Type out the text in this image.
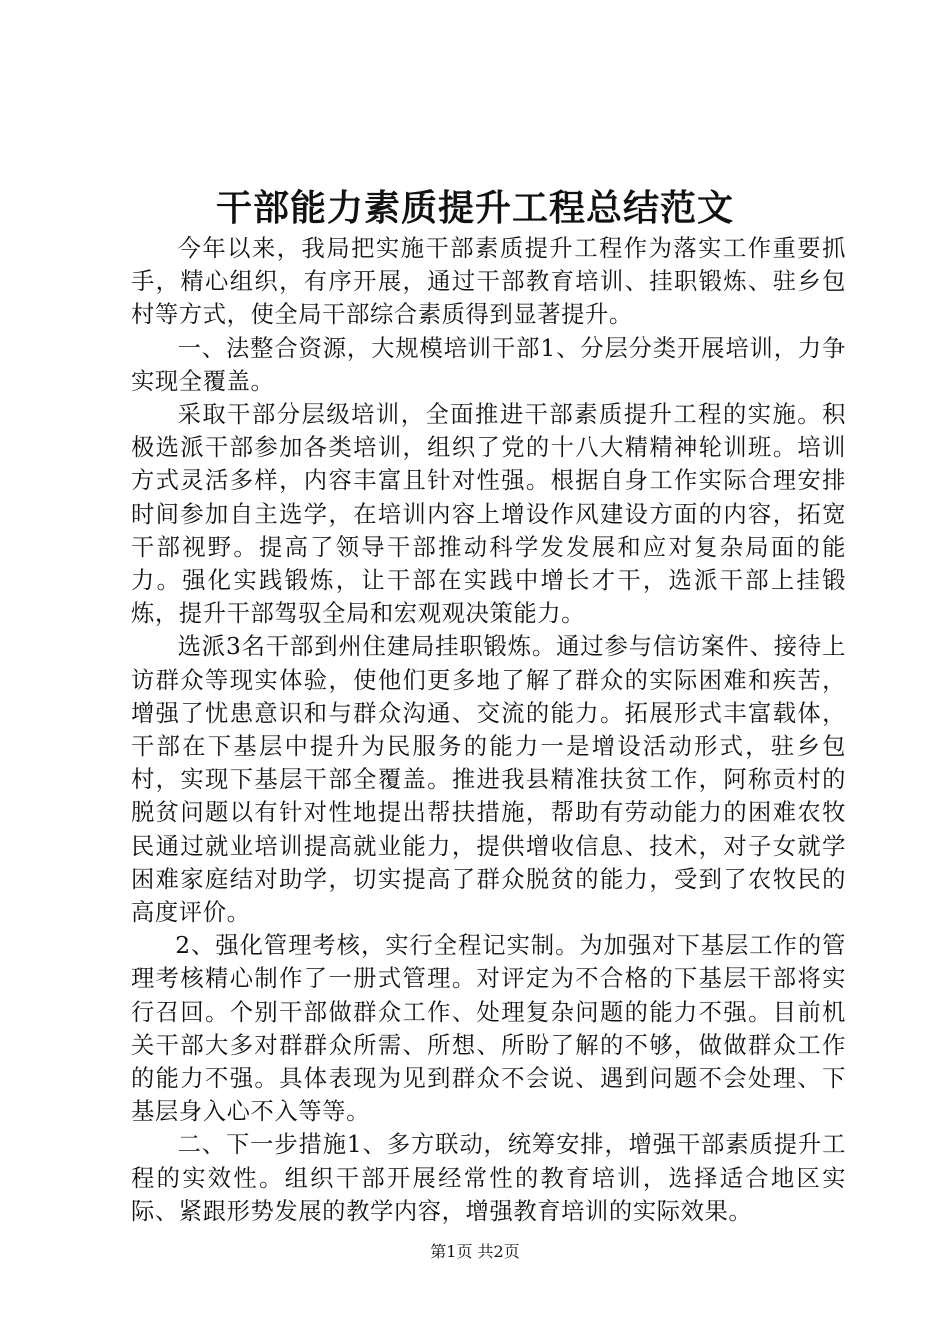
干部能力素质提升工程总结范文

今年以来，我局把实施干部素质提升工程作为落实工作重要抓手，精心组织，有序开展，通过干部教育培训、挂职锻炼、驻乡包村等方式，使全局干部综合素质得到显著提升。

一、法整合资源，大规模培训干部1、分层分类开展培训，力争实现全覆盖。

采取干部分层级培训，全面推进干部素质提升工程的实施。积极选派干部参加各类培训，组织了党的十八大精精神轮训班。培训方式灵活多样，内容丰富且针对性强。根据自身工作实际合理安排时间参加自主选学，在培训内容上增设作风建设方面的内容，拓宽干部视野。提高了领导干部推动科学发发展和应对复杂局面的能力。强化实践锻炼，让干部在实践中增长才干，选派干部上挂锻炼，提升干部驾驭全局和宏观观决策能力。

选派3名干部到州住建局挂职锻炼。通过参与信访案件、接待上访群众等现实体验，使他们更多地了解了群众的实际困难和疾苦，增强了忧患意识和与群众沟通、交流的能力。拓展形式丰富载体，干部在下基层中提升为民服务的能力一是增设活动形式，驻乡包村，实现下基层干部全覆盖。推进我县精准扶贫工作，阿称贡村的脱贫问题以有针对性地提出帮扶措施，帮助有劳动能力的困难农牧民通过就业培训提高就业能力，提供增收信息、技术，对子女就学困难家庭结对助学，切实提高了群众脱贫的能力，受到了农牧民的高度评价。

2、强化管理考核，实行全程记实制。为加强对下基层工作的管理考核精心制作了一册式管理。对评定为不合格的下基层干部将实行召回。个别干部做群众工作、处理复杂问题的能力不强。目前机关干部大多对群群众所需、所想、所盼了解的不够，做做群众工作的能力不强。具体表现为见到群众不会说、遇到问题不会处理、下基层身入心不入等等。

二、下一步措施1、多方联动，统筹安排，增强干部素质提升工程的实效性。组织干部开展经常性的教育培训，选择适合地区实际、紧跟形势发展的教学内容，增强教育培训的实际效果。

第1页 共2页
